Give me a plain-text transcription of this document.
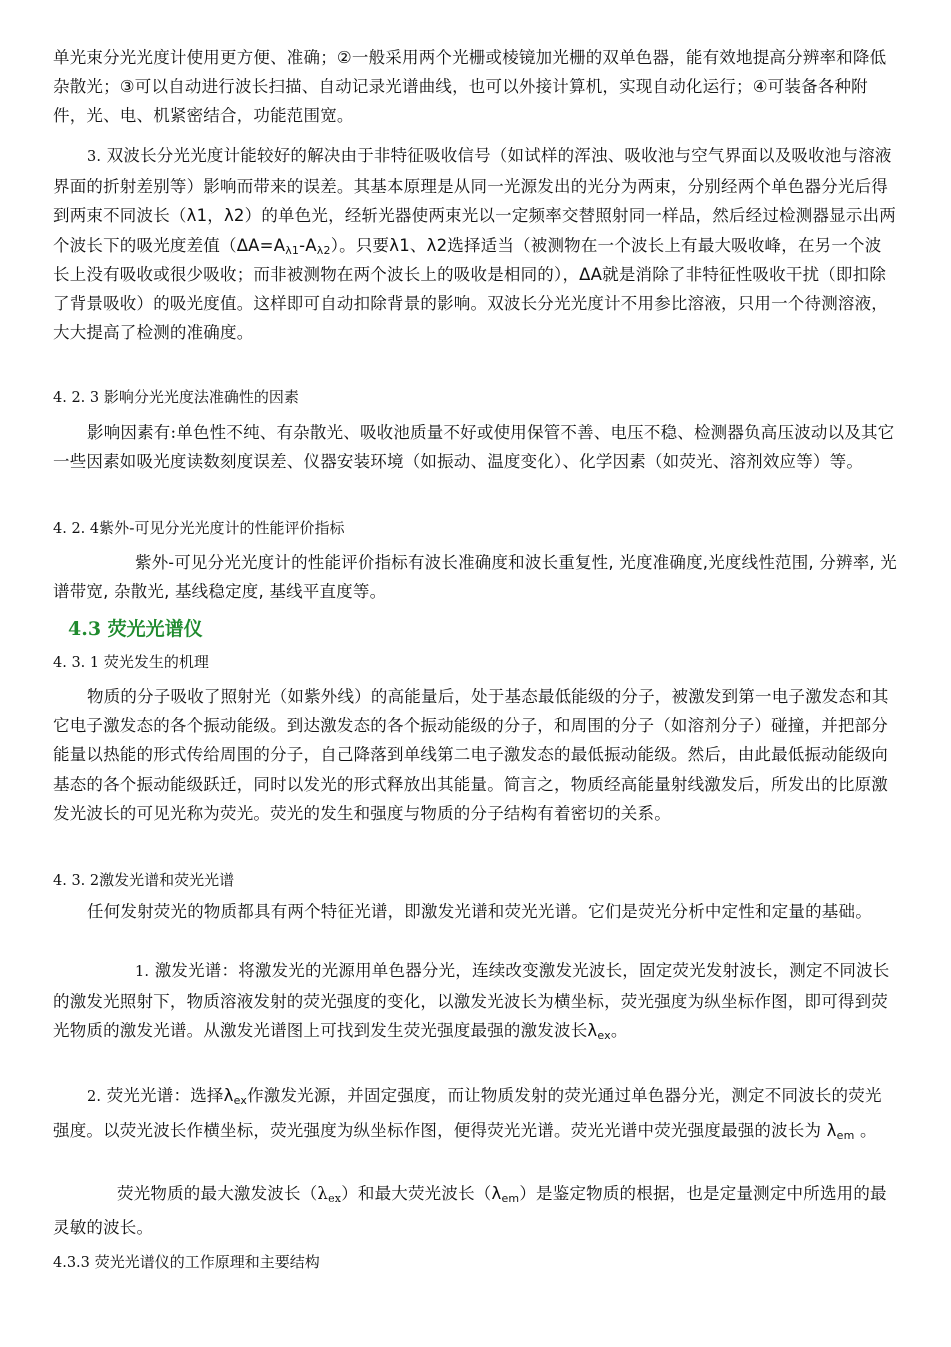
单光束分光光度计使用更方便、准确；②一般采用两个光栅或棱镜加光栅的双单色器，能有效地提高分辨率和降低杂散光；③可以自动进行波长扫描、自动记录光谱曲线，也可以外接计算机，实现自动化运行；④可装备各种附件，光、电、机紧密结合，功能范围宽。

3. 双波长分光光度计能较好的解决由于非特征吸收信号（如试样的浑浊、吸收池与空气界面以及吸收池与溶液界面的折射差别等）影响而带来的误差。其基本原理是从同一光源发出的光分为两束，分别经两个单色器分光后得到两束不同波长（λ1，λ2）的单色光，经斩光器使两束光以一定频率交替照射同一样品，然后经过检测器显示出两个波长下的吸光度差值$(\Delta A=A_{\lambda 1}-A_{\lambda 2})$。只要λ1、λ2选择适当（被测物在一个波长上有最大吸收峰，在另一个波长上没有吸收或很少吸收；而非被测物在两个波长上的吸收是相同的），ΔA就是消除了非特征性吸收干扰（即扣除了背景吸收）的吸光度值。这样即可自动扣除背景的影响。双波长分光光度计不用参比溶液，只用一个待测溶液，大大提高了检测的准确度。

4. 2. 3 影响分光光度法准确性的因素

影响因素有:单色性不纯、有杂散光、吸收池质量不好或使用保管不善、电压不稳、检测器负高压波动以及其它一些因素如吸光度读数刻度误差、仪器安装环境（如振动、温度变化）、化学因素（如荧光、溶剂效应等）等。

4. 2. 4紫外-可见分光光度计的性能评价指标

紫外-可见分光光度计的性能评价指标有波长准确度和波长重复性, 光度准确度,光度线性范围, 分辨率, 光谱带宽, 杂散光, 基线稳定度, 基线平直度等。

4.3 荧光光谱仪

4. 3. 1 荧光发生的机理

物质的分子吸收了照射光（如紫外线）的高能量后，处于基态最低能级的分子，被激发到第一电子激发态和其它电子激发态的各个振动能级。到达激发态的各个振动能级的分子，和周围的分子（如溶剂分子）碰撞，并把部分能量以热能的形式传给周围的分子，自己降落到单线第二电子激发态的最低振动能级。然后，由此最低振动能级向基态的各个振动能级跃迁，同时以发光的形式释放出其能量。简言之，物质经高能量射线激发后，所发出的比原激发光波长的可见光称为荧光。荧光的发生和强度与物质的分子结构有着密切的关系。

4. 3. 2激发光谱和荧光光谱

任何发射荧光的物质都具有两个特征光谱，即激发光谱和荧光光谱。它们是荧光分析中定性和定量的基础。

1. 激发光谱：将激发光的光源用单色器分光，连续改变激发光波长，固定荧光发射波长，测定不同波长的激发光照射下，物质溶液发射的荧光强度的变化，以激发光波长为横坐标，荧光强度为纵坐标作图，即可得到荧光物质的激发光谱。从激发光谱图上可找到发生荧光强度最强的激发波长$\lambda_{ex}$。

2. 荧光光谱：选择$\lambda_{ex}$作激发光源，并固定强度，而让物质发射的荧光通过单色器分光，测定不同波长的荧光强度。以荧光波长作横坐标，荧光强度为纵坐标作图，便得荧光光谱。荧光光谱中荧光强度最强的波长为 $\lambda_{em}$ 。

荧光物质的最大激发波长$(\lambda_{ex})$和最大荧光波长$(\lambda_{em})$是鉴定物质的根据，也是定量测定中所选用的最灵敏的波长。

4.3.3 荧光光谱仪的工作原理和主要结构
